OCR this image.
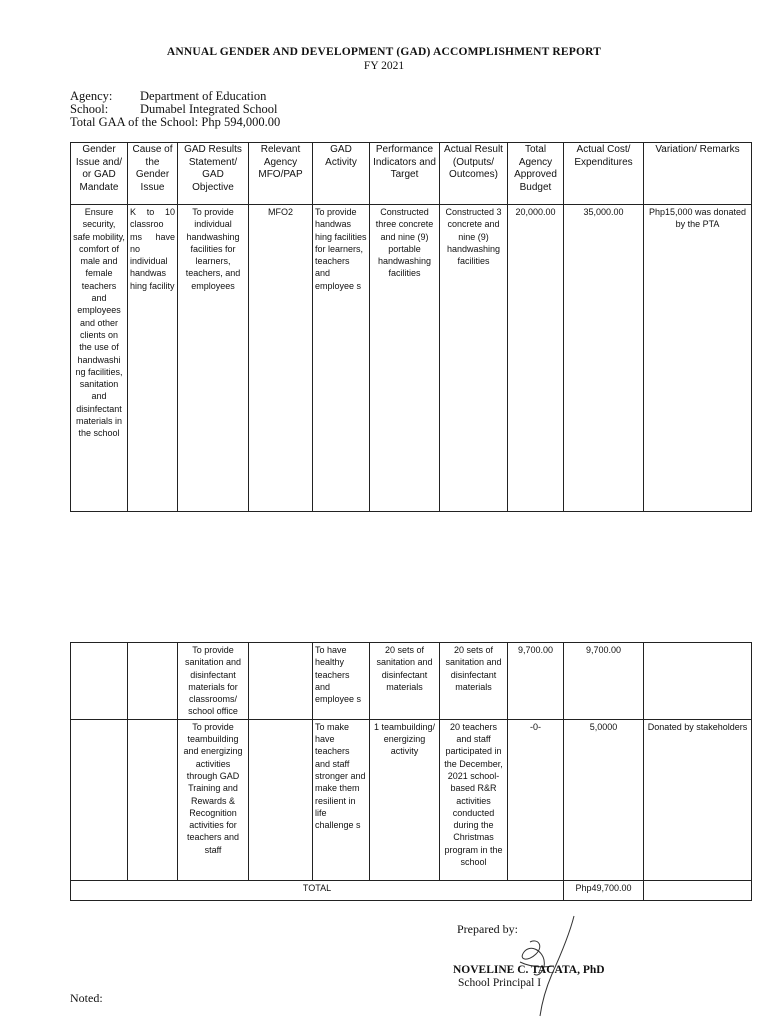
ANNUAL GENDER AND DEVELOPMENT (GAD) ACCOMPLISHMENT REPORT
FY 2021
Agency: Department of Education
School:	Dumabel Integrated School
Total GAA of the School: Php 594,000.00
Gender Issue and/ or GAD Mandate	Cause of the Gender Issue	GAD Results Statement/ GAD Objective	Relevant Agency MFO/PAP	GAD Activity	Performance Indicators and Target	Actual Result (Outputs/ Outcomes)	Total Agency Approved Budget	Actual Cost/ Expenditures	Variation/ Remarks
Ensure security, safe mobility, comfort of male and female teachers and employees and other clients on the use of handwashi ng facilities, sanitation and disinfectant materials in the school	K to 10 classroo ms have no individual handwas hing facility	To provide individual handwashing facilities for learners, teachers, and employees	MFO2	To provide handwas hing facilities for learners, teachers and employee s	Constructed three concrete and nine (9) portable handwashing facilities	Constructed 3 concrete and nine (9) handwashing facilities	20,000.00	35,000.00	Php15,000 was donated by the PTA
		To provide sanitation and disinfectant materials for classrooms/ school office		To have healthy teachers and employee s	20 sets of sanitation and disinfectant materials	20 sets of sanitation and disinfectant materials	9,700.00	9,700.00	
		To provide teambuilding and energizing activities through GAD Training and Rewards & Recognition activities for teachers and staff		To make have teachers and staff stronger and make them resilient in life challenge s	1 teambuilding/ energizing activity	20 teachers and staff participated in the December, 2021 school-based R&R activities conducted during the Christmas program in the school	-0-	5,0000	Donated by stakeholders
TOTAL								Php49,700.00	
Prepared by:
NOVELINE C. TACATA, PhD
School Principal I
Noted:
